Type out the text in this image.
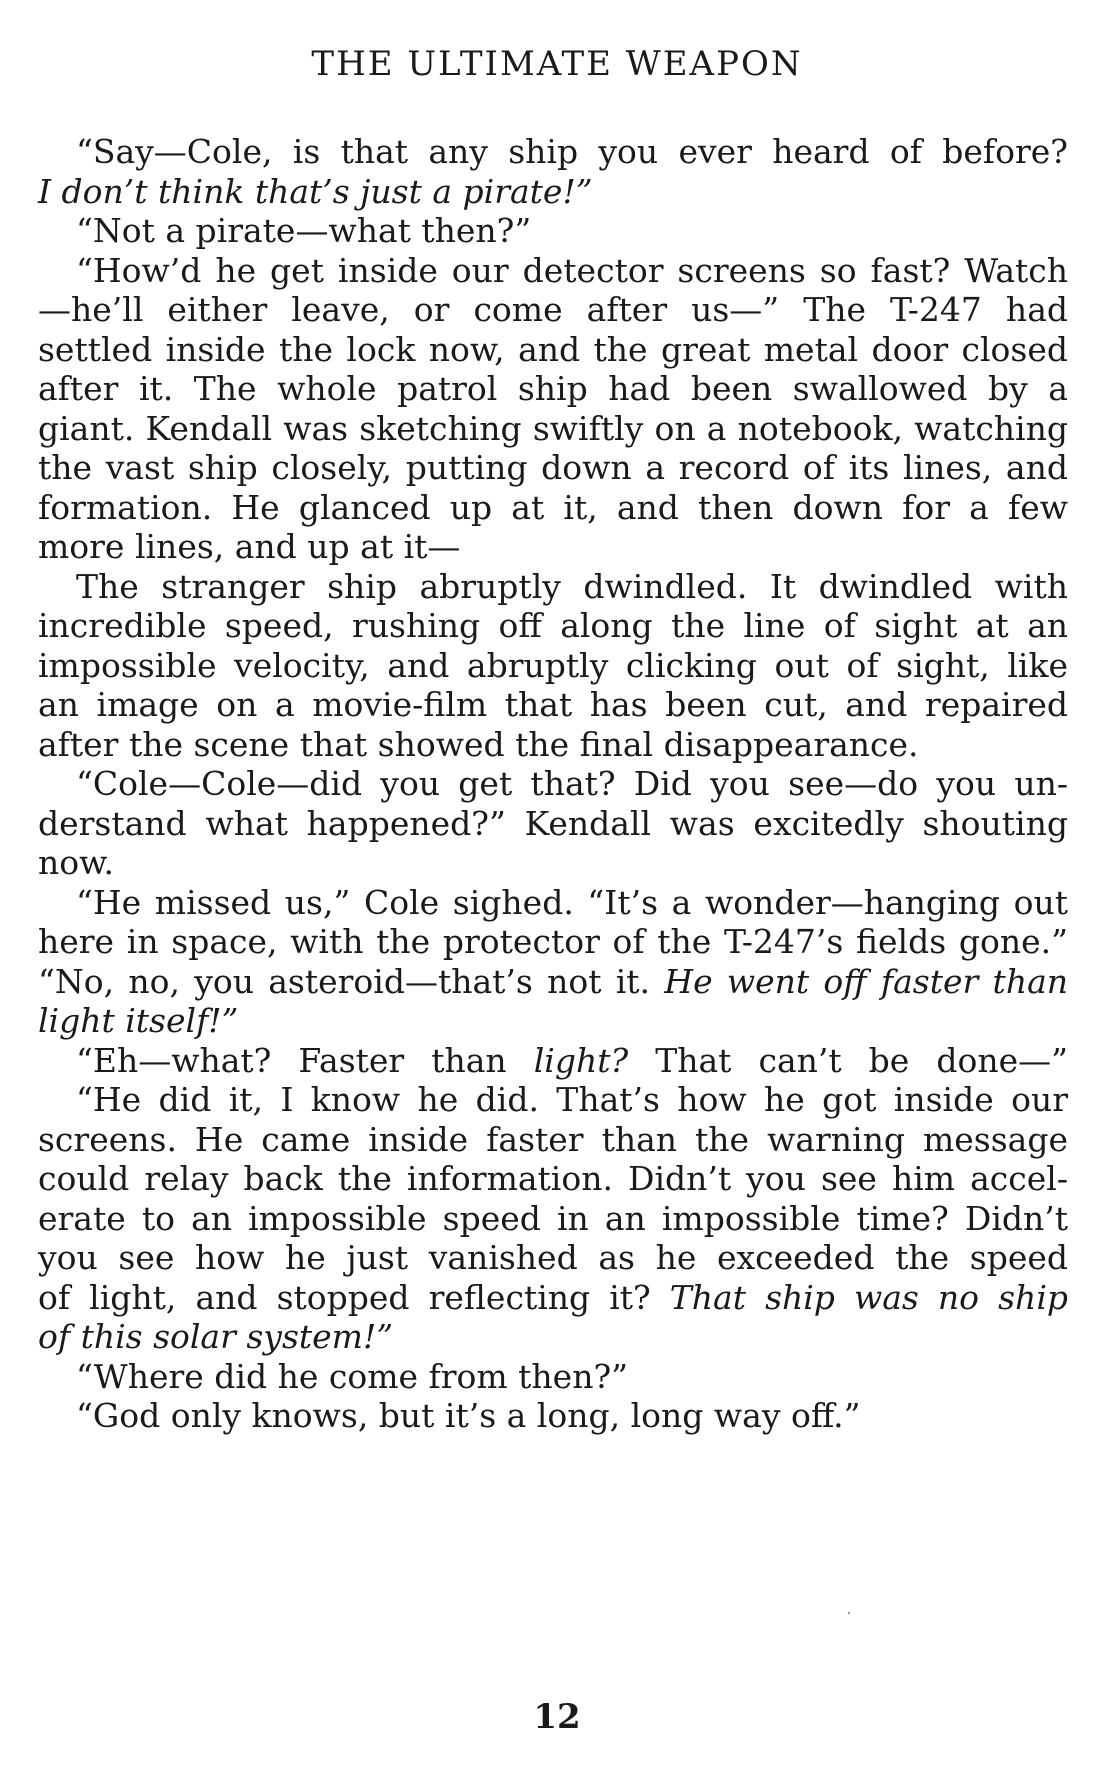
THE ULTIMATE WEAPON
“Say—Cole, is that any ship you ever heard of before?
I don’t think that’s just a pirate!”
“Not a pirate—what then?”
“How’d he get inside our detector screens so fast? Watch
—he’ll either leave, or come after us—” The T-247 had
settled inside the lock now, and the great metal door closed
after it. The whole patrol ship had been swallowed by a
giant. Kendall was sketching swiftly on a notebook, watching
the vast ship closely, putting down a record of its lines, and
formation. He glanced up at it, and then down for a few
more lines, and up at it—
The stranger ship abruptly dwindled. It dwindled with
incredible speed, rushing off along the line of sight at an
impossible velocity, and abruptly clicking out of sight, like
an image on a movie-film that has been cut, and repaired
after the scene that showed the final disappearance.
“Cole—Cole—did you get that? Did you see—do you un-
derstand what happened?” Kendall was excitedly shouting
now.
“He missed us,” Cole sighed. “It’s a wonder—hanging out
here in space, with the protector of the T-247’s fields gone.”
“No, no, you asteroid—that’s not it. He went off faster than
light itself!”
“Eh—what? Faster than light? That can’t be done—”
“He did it, I know he did. That’s how he got inside our
screens. He came inside faster than the warning message
could relay back the information. Didn’t you see him accel-
erate to an impossible speed in an impossible time? Didn’t
you see how he just vanished as he exceeded the speed
of light, and stopped reflecting it? That ship was no ship
of this solar system!”
“Where did he come from then?”
“God only knows, but it’s a long, long way off.”
12
